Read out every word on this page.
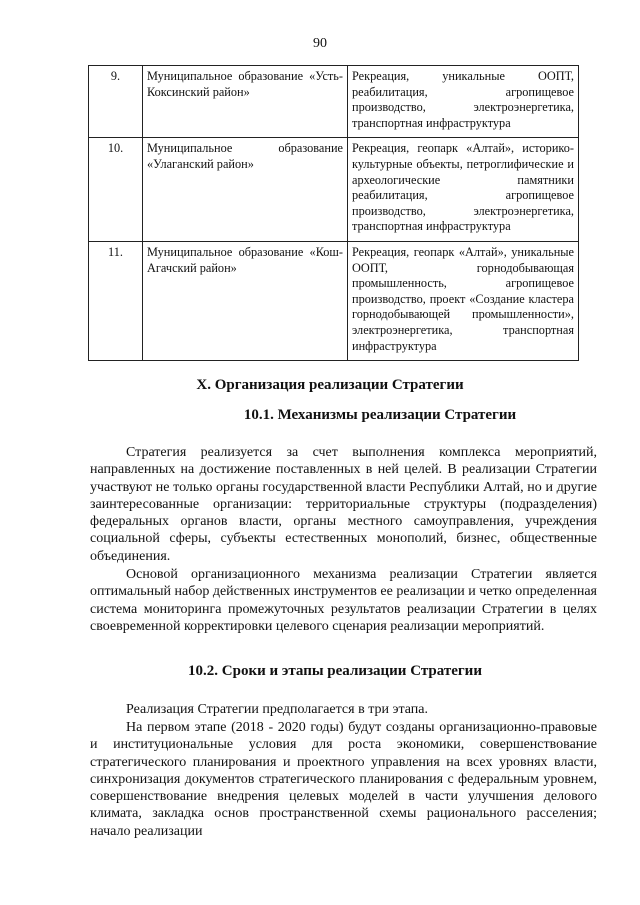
90
9.	Муниципальное образование «Усть-Коксинский район»	Рекреация, уникальные ООПТ, реабилитация, агропищевое производство, электроэнергетика, транспортная инфраструктура
10.	Муниципальное образование «Улаганский район»	Рекреация, геопарк «Алтай», историко-культурные объекты, петроглифические и археологические памятники реабилитация, агропищевое производство, электроэнергетика, транспортная инфраструктура
11.	Муниципальное образование «Кош-Агачский район»	Рекреация, геопарк «Алтай», уникальные ООПТ, горнодобывающая промышленность, агропищевое производство, проект «Создание кластера горнодобывающей промышленности», электроэнергетика, транспортная инфраструктура
X. Организация реализации Стратегии
10.1. Механизмы реализации Стратегии

Стратегия реализуется за счет выполнения комплекса мероприятий, направленных на достижение поставленных в ней целей. В реализации Стратегии участвуют не только органы государственной власти Республики Алтай, но и другие заинтересованные организации: территориальные структуры (подразделения) федеральных органов власти, органы местного самоуправления, учреждения социальной сферы, субъекты естественных монополий, бизнес, общественные объединения.

Основой организационного механизма реализации Стратегии является оптимальный набор действенных инструментов ее реализации и четко определенная система мониторинга промежуточных результатов реализации Стратегии в целях своевременной корректировки целевого сценария реализации мероприятий.

10.2. Сроки и этапы реализации Стратегии

Реализация Стратегии предполагается в три этапа.

На первом этапе (2018 - 2020 годы) будут созданы организационно-правовые и институциональные условия для роста экономики, совершенствование стратегического планирования и проектного управления на всех уровнях власти, синхронизация документов стратегического планирования с федеральным уровнем, совершенствование внедрения целевых моделей в части улучшения делового климата, закладка основ пространственной схемы рационального расселения; начало реализации
